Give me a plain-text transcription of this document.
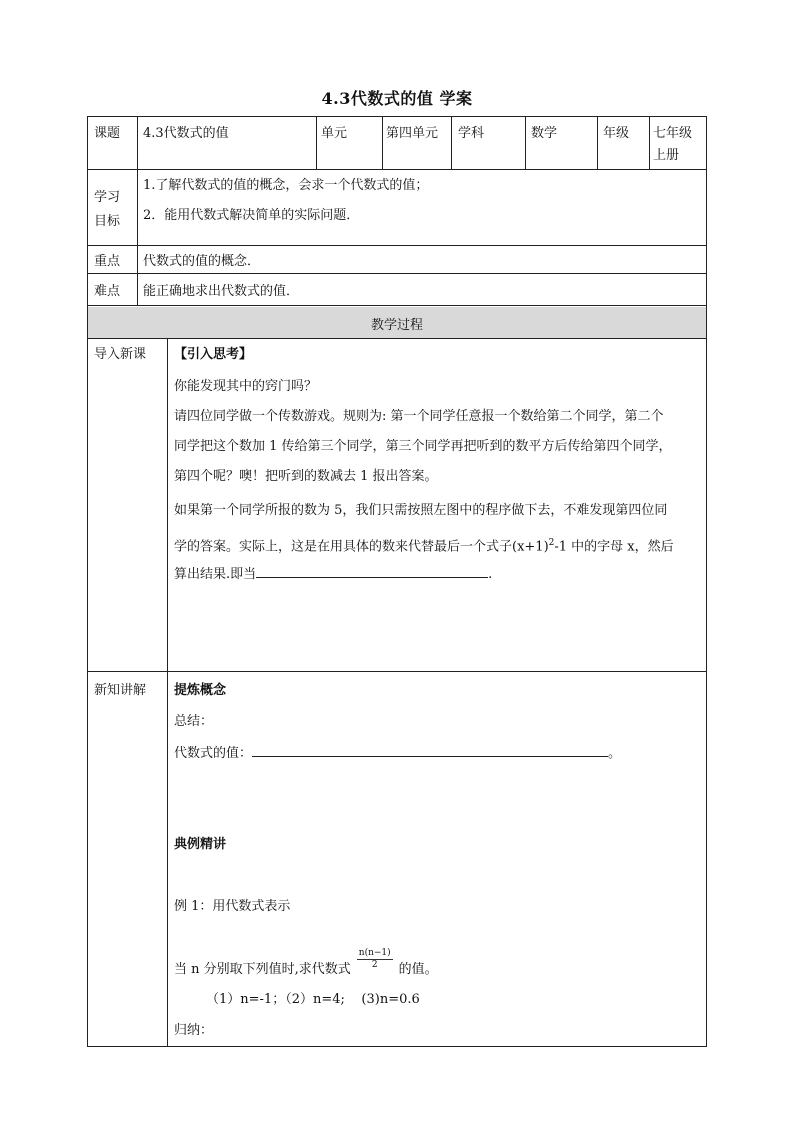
4.3代数式的值 学案
课题 4.3代数式的值	单元	第四单元 学科	数学	年级 七年级上册
学习目标
1.了解代数式的值的概念，会求一个代数式的值；
2．能用代数式解决简单的实际问题．
重点 代数式的值的概念．
难点 能正确地求出代数式的值．
教学过程
导入新课 【引入思考】
你能发现其中的窍门吗？
请四位同学做一个传数游戏。规则为: 第一个同学任意报一个数给第二个同学，第二个
同学把这个数加 1 传给第三个同学，第三个同学再把听到的数平方后传给第四个同学，
第四个呢？噢！把听到的数减去 1 报出答案。
如果第一个同学所报的数为 5，我们只需按照左图中的程序做下去，不难发现第四位同
学的答案。实际上，这是在用具体的数来代替最后一个式子$(x+1)^2-1$ 中的字母 x，然后
算出结果.即当	.
新知讲解 提炼概念
总结：
代数式的值：	。
典例精讲
例 1：用代数式表示
当 n 分别取下列值时,求代数式 $\frac{n(n-1)}{2}$ 的值。
（1）n=-1；（2）n=4;    (3)n=0.6
归纳：
